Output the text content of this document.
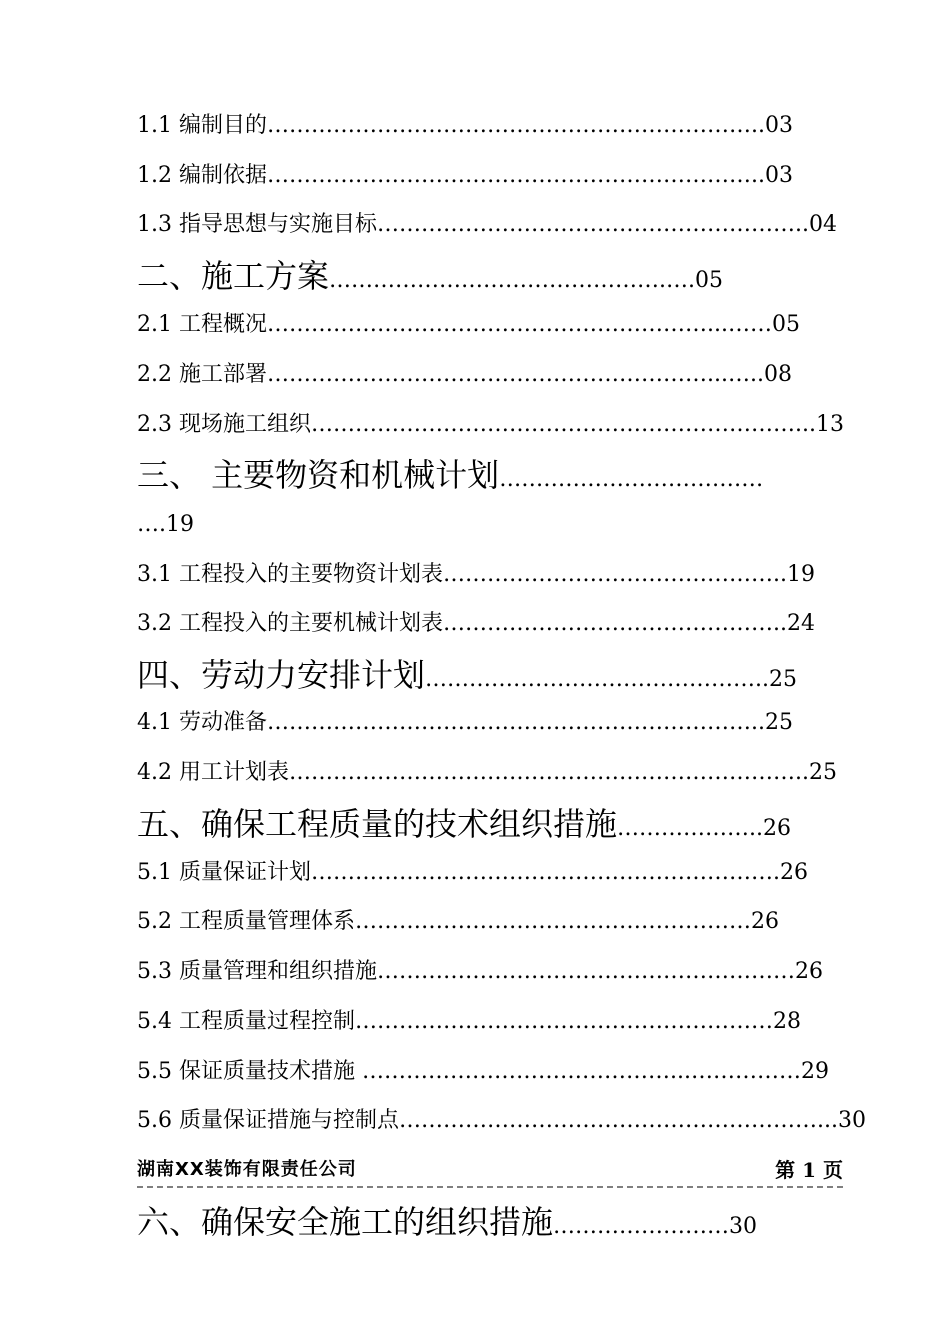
1.1 编制目的…………………………………………………………..03
1.2 编制依据…………………………………………………………..03
1.3 指导思想与实施目标…………………………………………………..04
二、施工方案……………………………………….….05
2.1 工程概况……………………………………………………...……05
2.2 施工部署……………………………………………………...…..08
2.3 现场施工组织…………………………………………………………...13
三、 主要物资和机械计划………………………………
….19
3.1 工程投入的主要物资计划表………………………………………..19
3.2 工程投入的主要机械计划表………………………………………..24
四、劳动力安排计划………………………………………..25
4.1 劳动准备…………………………………………………………..25
4.2 用工计划表……………………………………………………………..25
五、确保工程质量的技术组织措施………………..26
5.1 质量保证计划……………………………………………………….26
5.2 工程质量管理体系………………………………………………26
5.3 质量管理和组织措施…………………………………………………26
5.4 工程质量过程控制…………………………………………………28
5.5 保证质量技术措施 ……………………………………...……………29
5.6 质量保证措施与控制点…………………………………………………...30
湖南XX装饰有限责任公司	第 1 页
六、确保安全施工的组织措施……………………30
